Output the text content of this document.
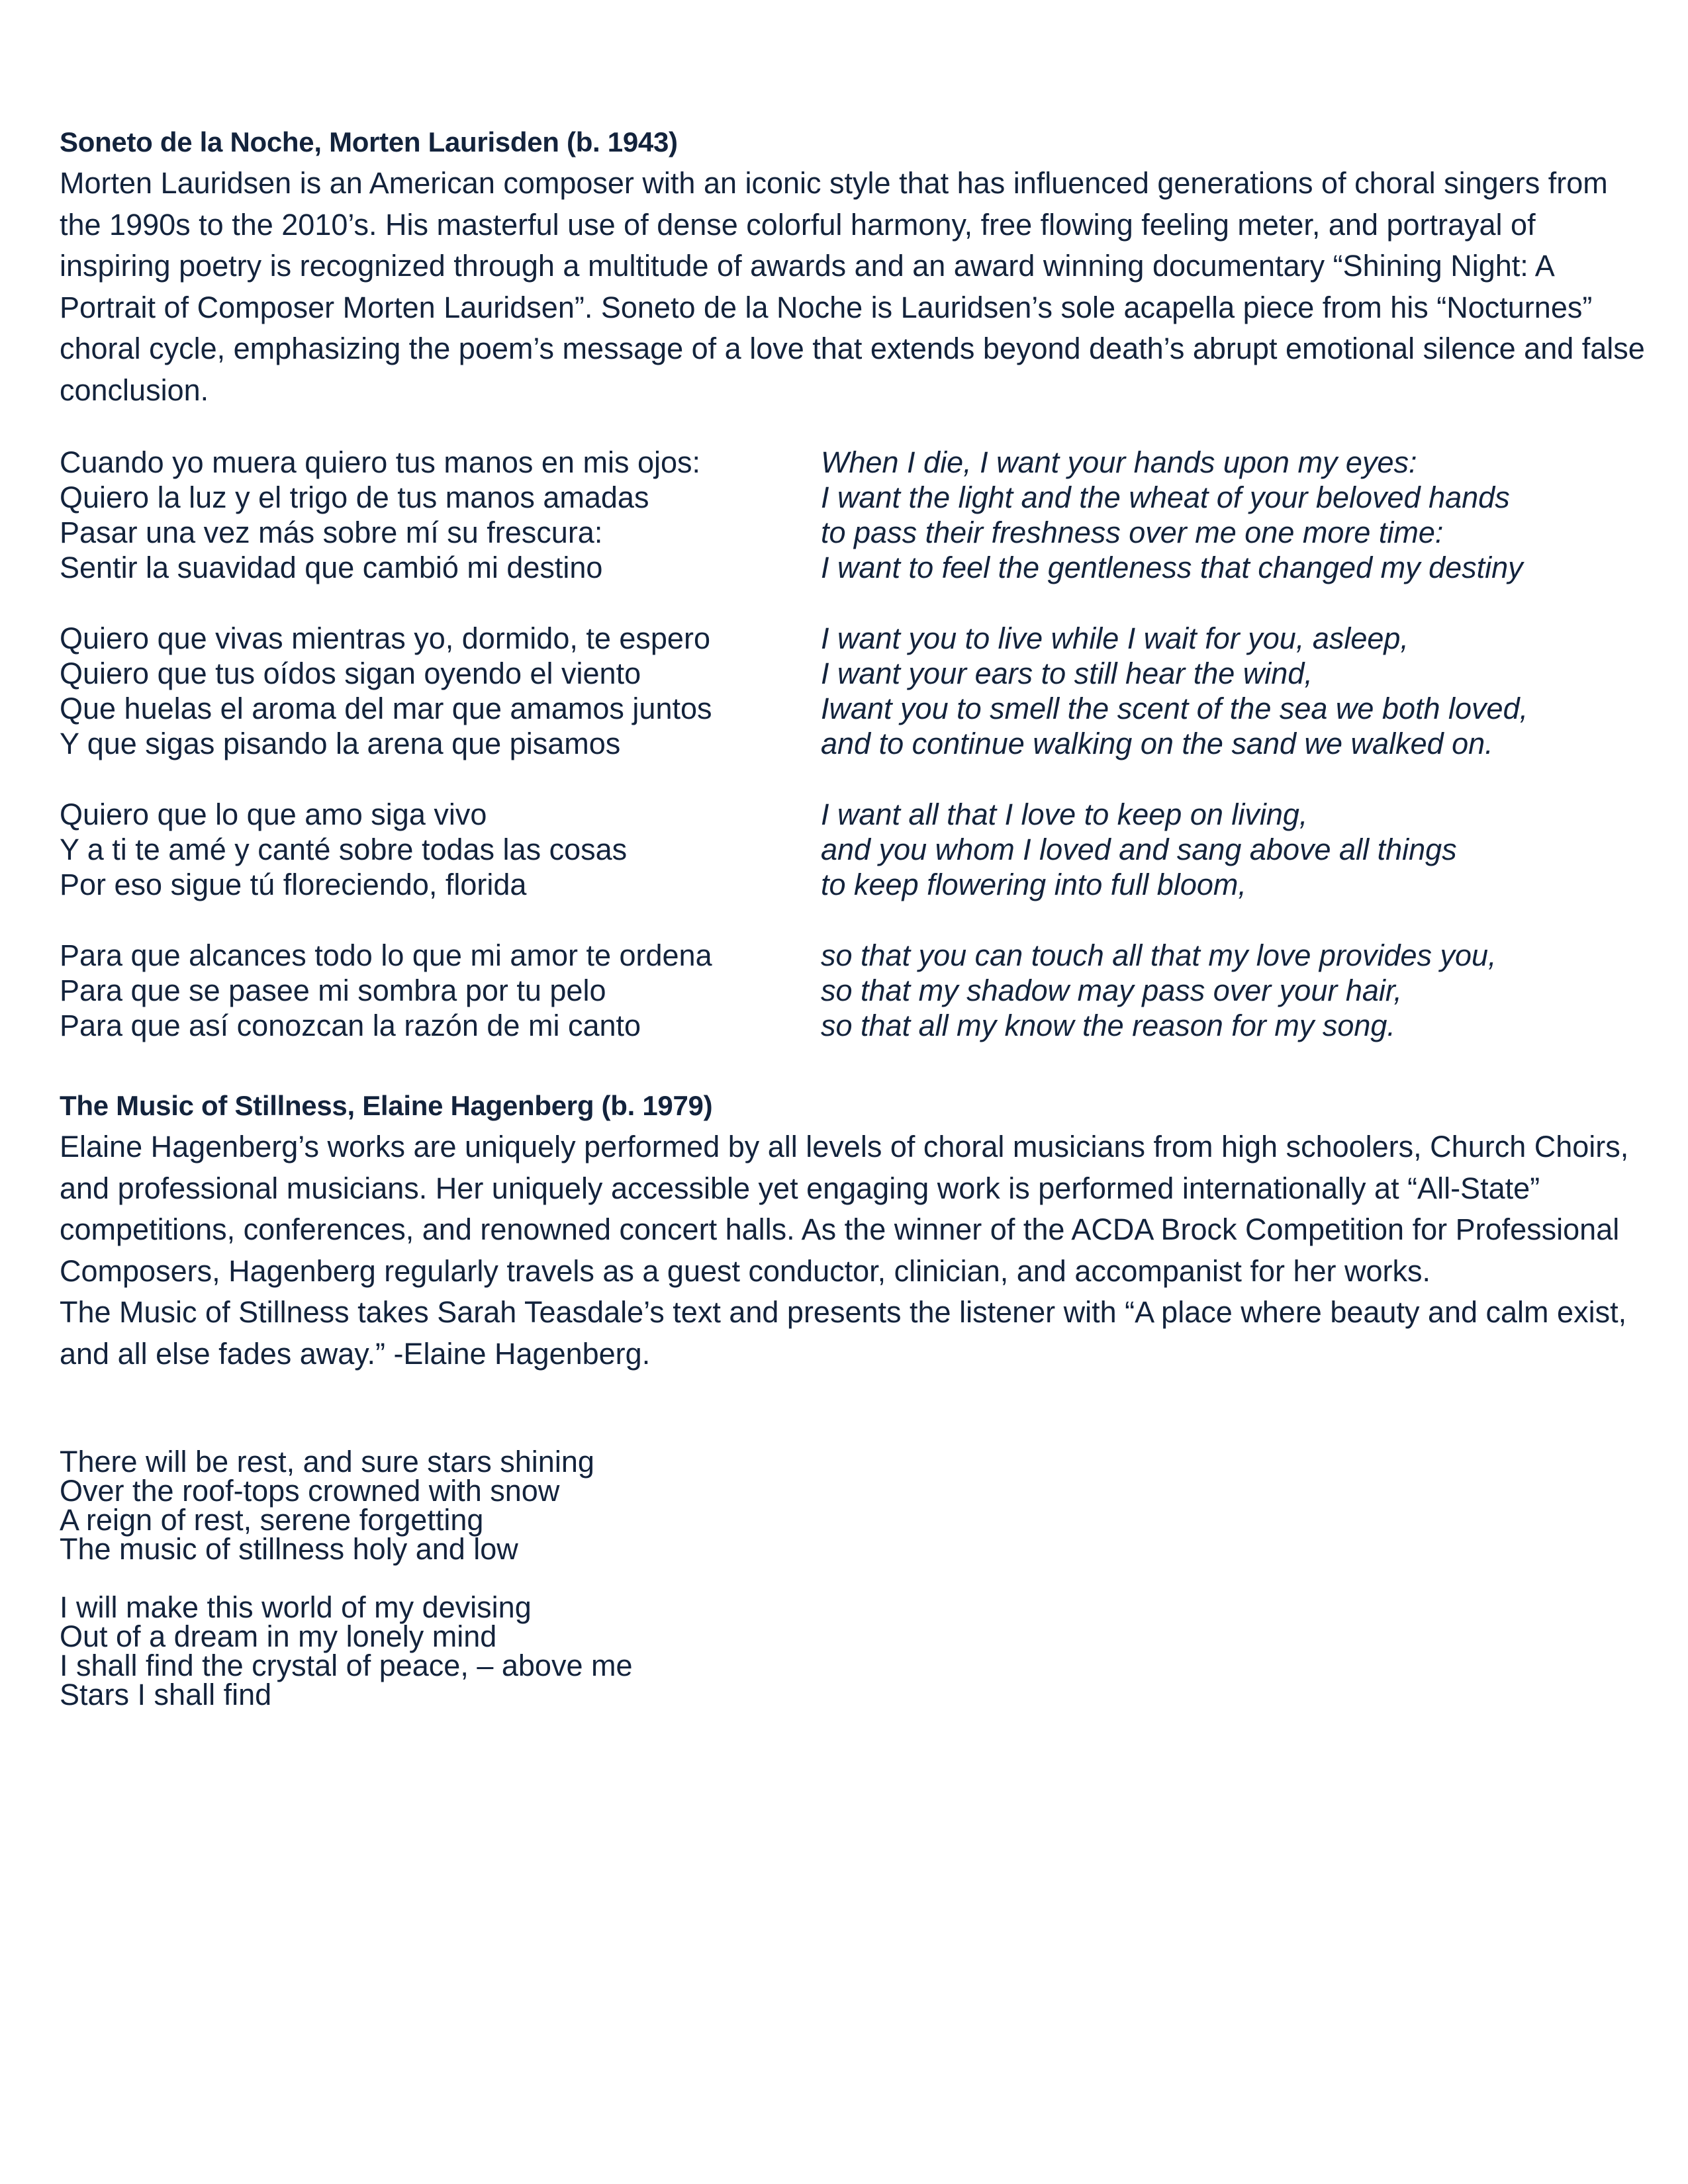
Soneto de la Noche, Morten Laurisden (b. 1943)

Morten Lauridsen is an American composer with an iconic style that has influenced generations of choral singers from the 1990s to the 2010’s. His masterful use of dense colorful harmony, free flowing feeling meter, and portrayal of inspiring poetry is recognized through a multitude of awards and an award winning documentary “Shining Night: A Portrait of Composer Morten Lauridsen”. Soneto de la Noche is Lauridsen’s sole acapella piece from his “Nocturnes” choral cycle, emphasizing the poem’s message of a love that extends beyond death’s abrupt emotional silence and false conclusion.

Cuando yo muera quiero tus manos en mis ojos:
Quiero la luz y el trigo de tus manos amadas
Pasar una vez más sobre mí su frescura:
Sentir la suavidad que cambió mi destino
When I die, I want your hands upon my eyes:
I want the light and the wheat of your beloved hands
to pass their freshness over me one more time:
I want to feel the gentleness that changed my destiny
Quiero que vivas mientras yo, dormido, te espero
Quiero que tus oídos sigan oyendo el viento
Que huelas el aroma del mar que amamos juntos
Y que sigas pisando la arena que pisamos
I want you to live while I wait for you, asleep,
I want your ears to still hear the wind,
Iwant you to smell the scent of the sea we both loved,
and to continue walking on the sand we walked on.
Quiero que lo que amo siga vivo
Y a ti te amé y canté sobre todas las cosas
Por eso sigue tú floreciendo, florida
I want all that I love to keep on living,
and you whom I loved and sang above all things
to keep flowering into full bloom,
Para que alcances todo lo que mi amor te ordena
Para que se pasee mi sombra por tu pelo
Para que así conozcan la razón de mi canto
so that you can touch all that my love provides you,
so that my shadow may pass over your hair,
so that all my know the reason for my song.
The Music of Stillness, Elaine Hagenberg (b. 1979)

Elaine Hagenberg’s works are uniquely performed by all levels of choral musicians from high schoolers, Church Choirs, and professional musicians. Her uniquely accessible yet engaging work is performed internationally at “All-State” competitions, conferences, and renowned concert halls. As the winner of the ACDA Brock Competition for Professional Composers, Hagenberg regularly travels as a guest conductor, clinician, and accompanist for her works.

The Music of Stillness takes Sarah Teasdale’s text and presents the listener with “A place where beauty and calm exist, and all else fades away.” -Elaine Hagenberg.

There will be rest, and sure stars shining
Over the roof-tops crowned with snow
A reign of rest, serene forgetting
The music of stillness holy and low
I will make this world of my devising
Out of a dream in my lonely mind
I shall find the crystal of peace, – above me
Stars I shall find
